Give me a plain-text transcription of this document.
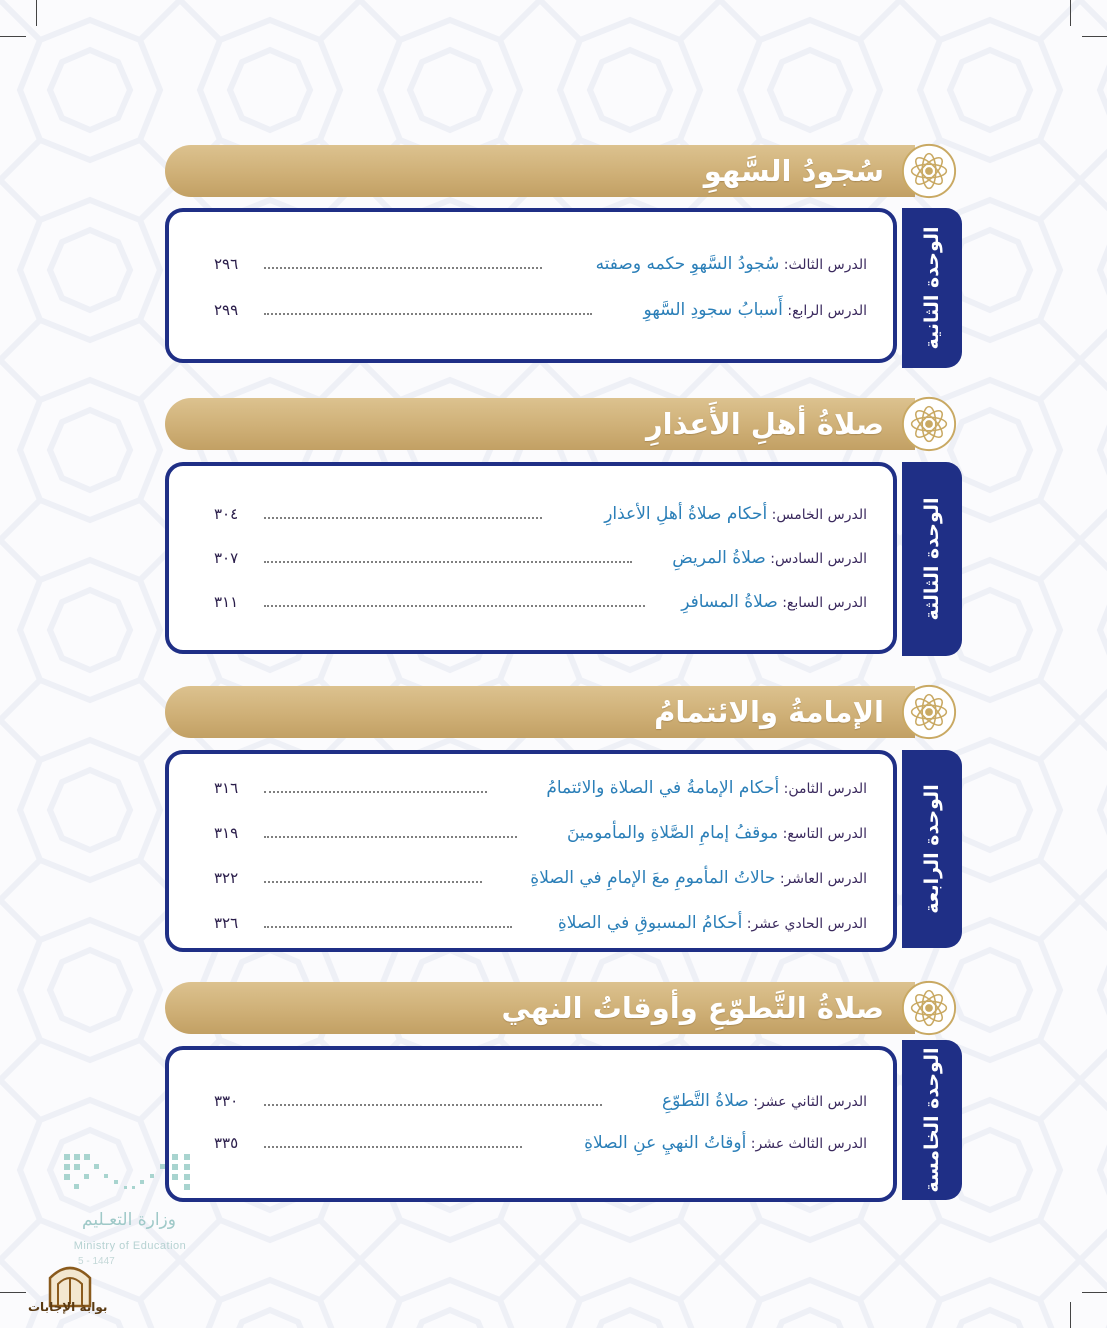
سُجودُ السَّهوِ
الوحدة الثانية
الدرس الثالث: سُجودُ السَّهوِ حكمه وصفته
٢٩٦
الدرس الرابع: أَسبابُ سجودِ السَّهوِ
٢٩٩
صلاةُ أهلِ الأَعذارِ
الوحدة الثالثة
الدرس الخامس: أحكام صلاةُ أهلِ الأعذارِ
٣٠٤
الدرس السادس: صلاةُ المريضِ
٣٠٧
الدرس السابع: صلاةُ المسافرِ
٣١١
الإمامةُ والائتمامُ
الوحدة الرابعة
الدرس الثامن: أحكام الإمامةُ في الصلاة والائتمامُ
٣١٦
الدرس التاسع: موقفُ إمامِ الصَّلاةِ والمأمومينَ
٣١٩
الدرس العاشر: حالاتُ المأمومِ معَ الإمامِ في الصلاةِ
٣٢٢
الدرس الحادي عشر: أحكامُ المسبوقِ في الصلاةِ
٣٢٦
صلاةُ التَّطوّعِ وأوقاتُ النهي
الوحدة الخامسة
الدرس الثاني عشر: صلاةُ التَّطوّعِ
٣٣٠
الدرس الثالث عشر: أوقاتُ النهيِ عنِ الصلاةِ
٣٣٥
وزارة التعـليم
Ministry of Education
5 - 1447
بوابة الإجابات
